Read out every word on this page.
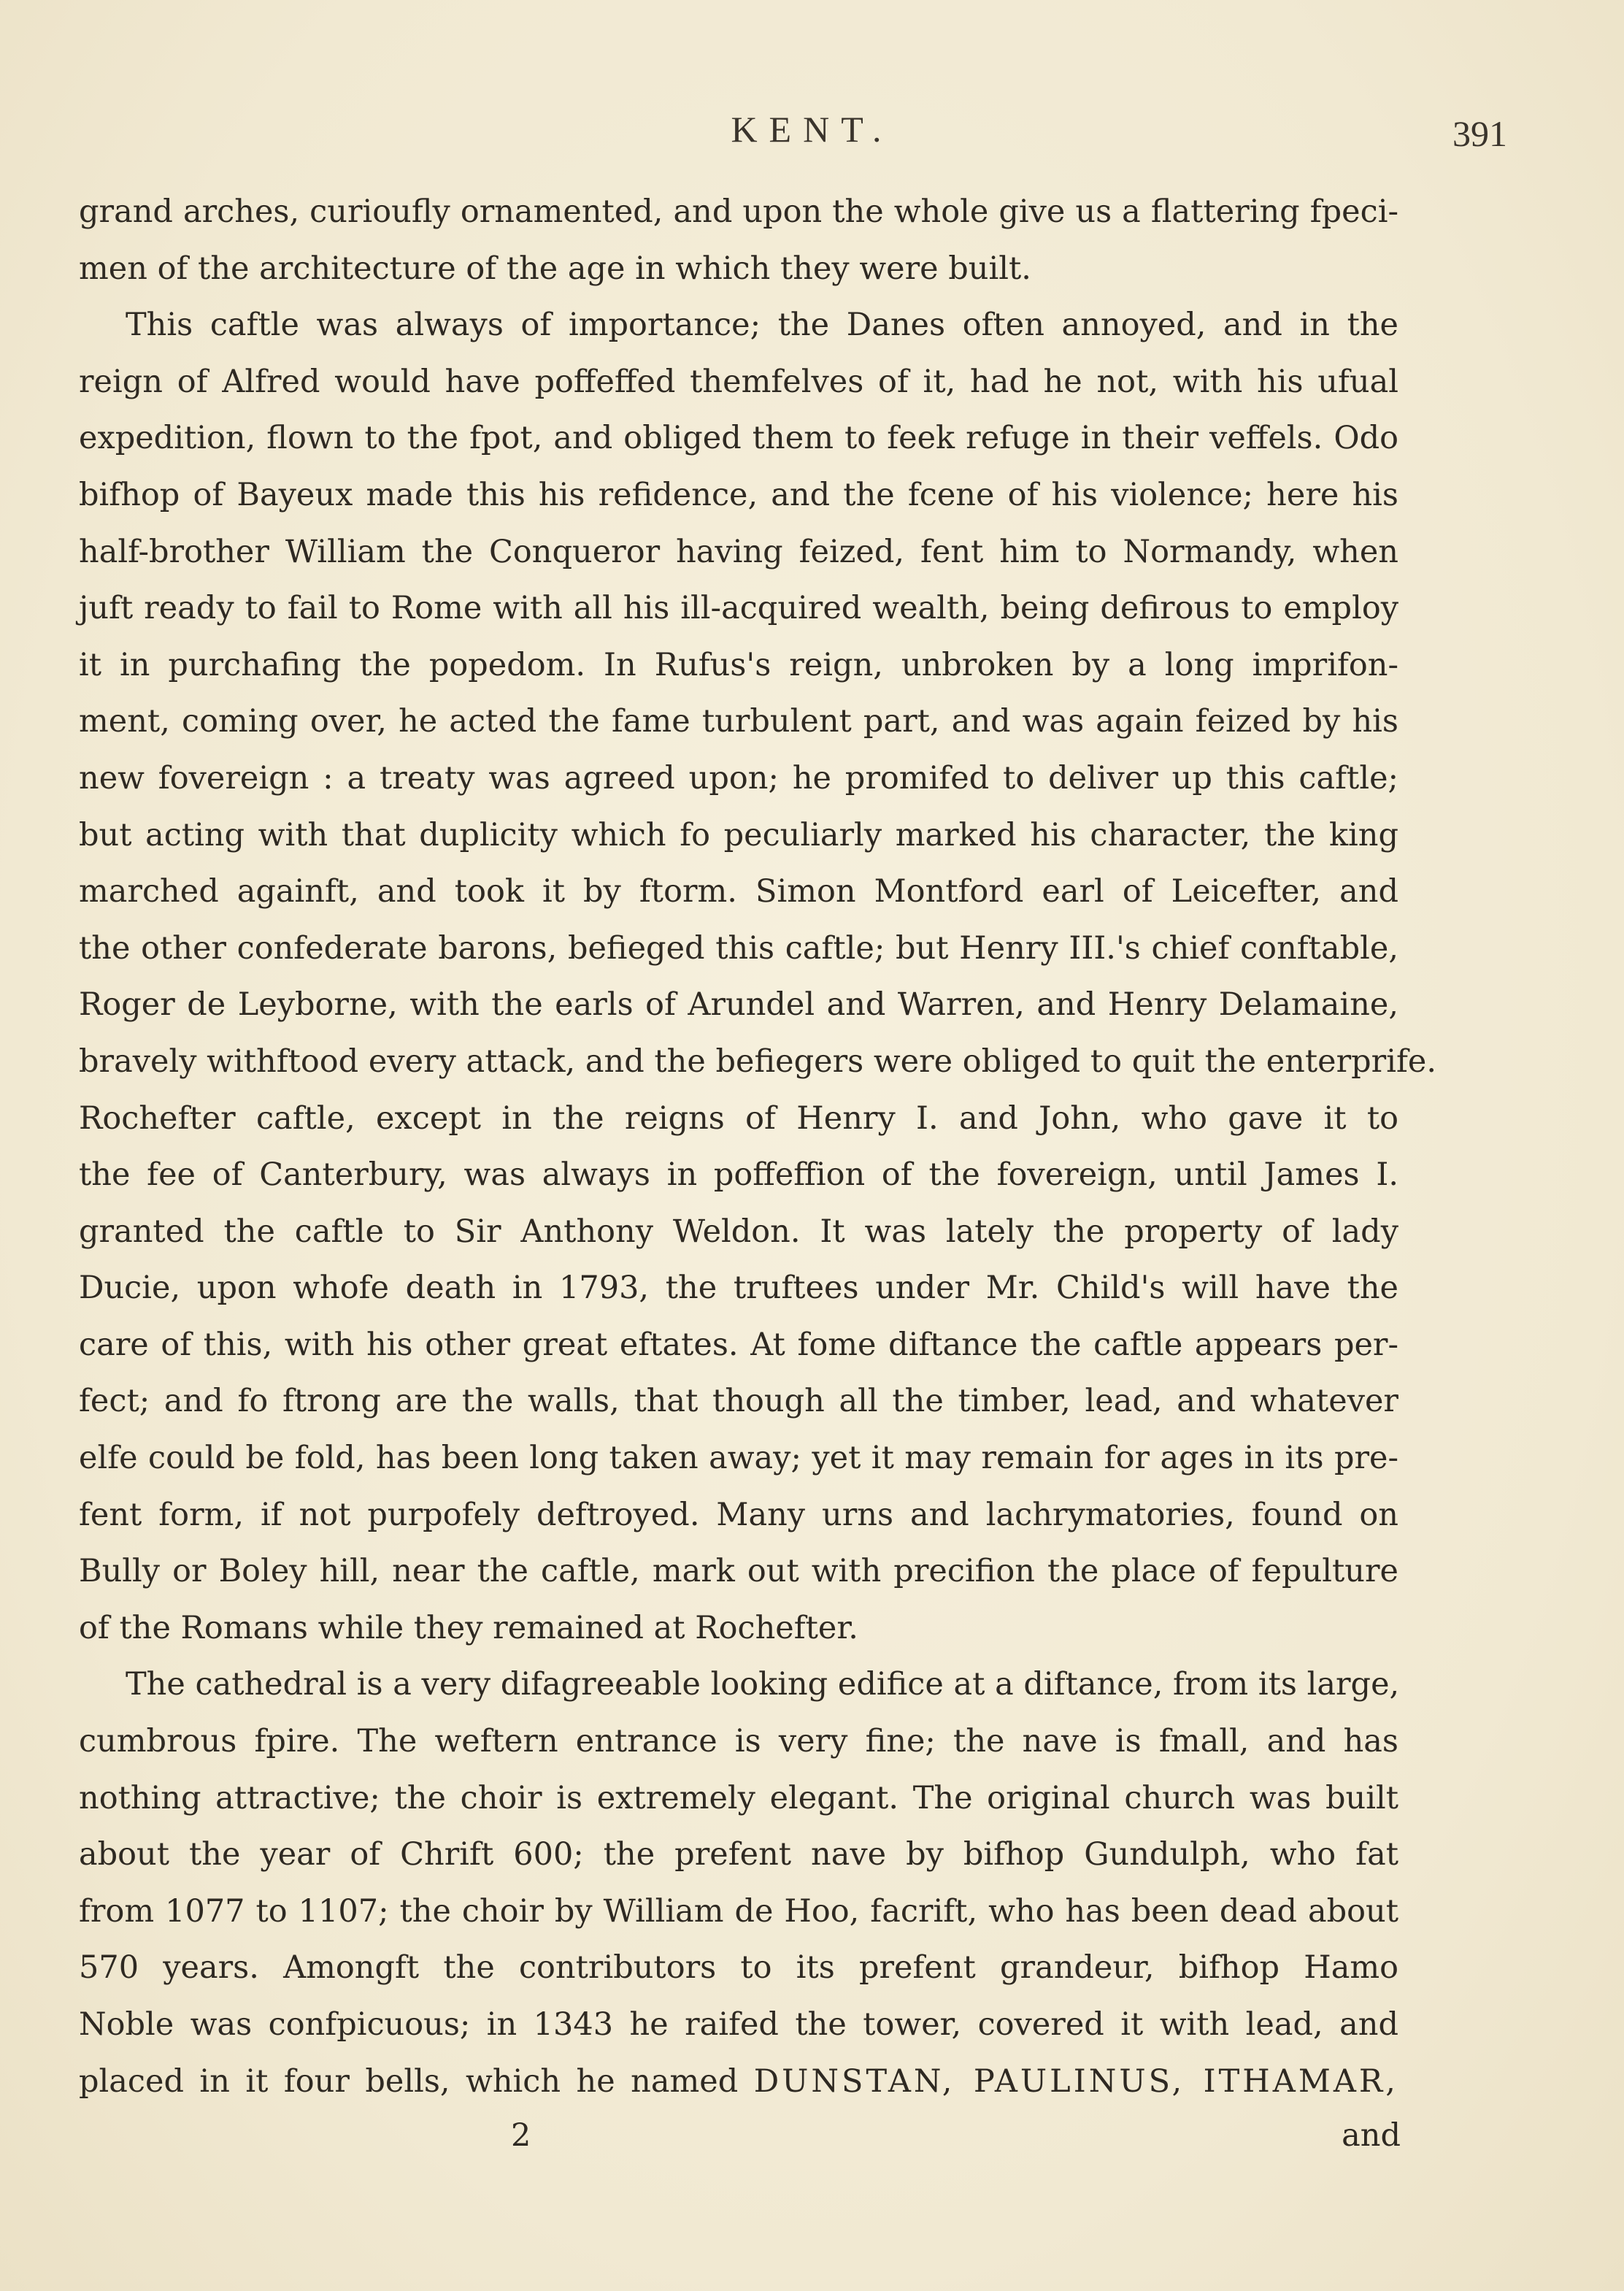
KENT.	391
grand arches, curioufly ornamented, and upon the whole give us a flattering fpeci-
men of the architecture of the age in which they were built.
This caftle was always of importance; the Danes often annoyed, and in the
reign of Alfred would have poffeffed themfelves of it, had he not, with his ufual
expedition, flown to the fpot, and obliged them to feek refuge in their veffels. Odo
bifhop of Bayeux made this his refidence, and the fcene of his violence; here his
half-brother William the Conqueror having feized, fent him to Normandy, when
juft ready to fail to Rome with all his ill-acquired wealth, being defirous to employ
it in purchafing the popedom. In Rufus's reign, unbroken by a long imprifon-
ment, coming over, he acted the fame turbulent part, and was again feized by his
new fovereign : a treaty was agreed upon; he promifed to deliver up this caftle;
but acting with that duplicity which fo peculiarly marked his character, the king
marched againft, and took it by ftorm. Simon Montford earl of Leicefter, and
the other confederate barons, befieged this caftle; but Henry III.'s chief conftable,
Roger de Leyborne, with the earls of Arundel and Warren, and Henry Delamaine,
bravely withftood every attack, and the befiegers were obliged to quit the enterprife.
Rochefter caftle, except in the reigns of Henry I. and John, who gave it to
the fee of Canterbury, was always in poffeffion of the fovereign, until James I.
granted the caftle to Sir Anthony Weldon. It was lately the property of lady
Ducie, upon whofe death in 1793, the truftees under Mr. Child's will have the
care of this, with his other great eftates. At fome diftance the caftle appears per-
fect; and fo ftrong are the walls, that though all the timber, lead, and whatever
elfe could be fold, has been long taken away; yet it may remain for ages in its pre-
fent form, if not purpofely deftroyed. Many urns and lachrymatories, found on
Bully or Boley hill, near the caftle, mark out with precifion the place of fepulture
of the Romans while they remained at Rochefter.
The cathedral is a very difagreeable looking edifice at a diftance, from its large,
cumbrous fpire. The weftern entrance is very fine; the nave is fmall, and has
nothing attractive; the choir is extremely elegant. The original church was built
about the year of Chrift 600; the prefent nave by bifhop Gundulph, who fat
from 1077 to 1107; the choir by William de Hoo, facrift, who has been dead about
570 years. Amongft the contributors to its prefent grandeur, bifhop Hamo
Noble was confpicuous; in 1343 he raifed the tower, covered it with lead, and
placed in it four bells, which he named DUNSTAN, PAULINUS, ITHAMAR,
2	and
